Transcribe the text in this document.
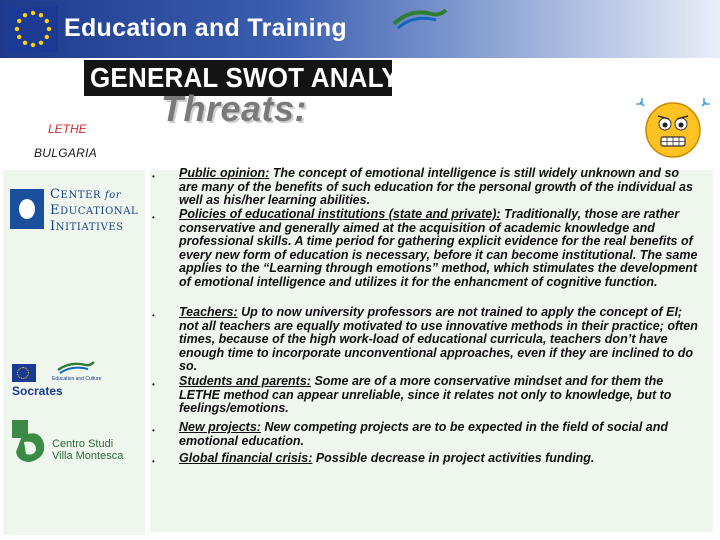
Education and Training
GENERAL SWOT ANALYSIS
Threats:
LETHE
BULGARIA
CENTER for
EDUCATIONAL
INITIATIVES
Education and Culture
Socrates
Centro Studi
Villa Montesca
• Public opinion: The concept of emotional intelligence is still widely unknown and so are many of the benefits of such education for the personal growth of the individual as well as his/her learning abilities.
• Policies of educational institutions (state and private): Traditionally, those are rather conservative and generally aimed at the acquisition of academic knowledge and professional skills. A time period for gathering explicit evidence for the real benefits of every new form of education is necessary, before it can become institutional. The same applies to the “Learning through emotions” method, which stimulates the development of emotional intelligence and utilizes it for the enhancment of cognitive function.
• Teachers: Up to now university professors are not trained to apply the concept of EI; not all teachers are equally motivated to use innovative methods in their practice; often times, because of the high work-load of educational curricula, teachers don’t have enough time to incorporate unconventional approaches, even if they are inclined to do so.
• Students and parents: Some are of a more conservative mindset and for them the LETHE method can appear unreliable, since it relates not only to knowledge, but to feelings/emotions.
• New projects: New competing projects are to be expected in the field of social and emotional education.
• Global financial crisis: Possible decrease in project activities funding.
